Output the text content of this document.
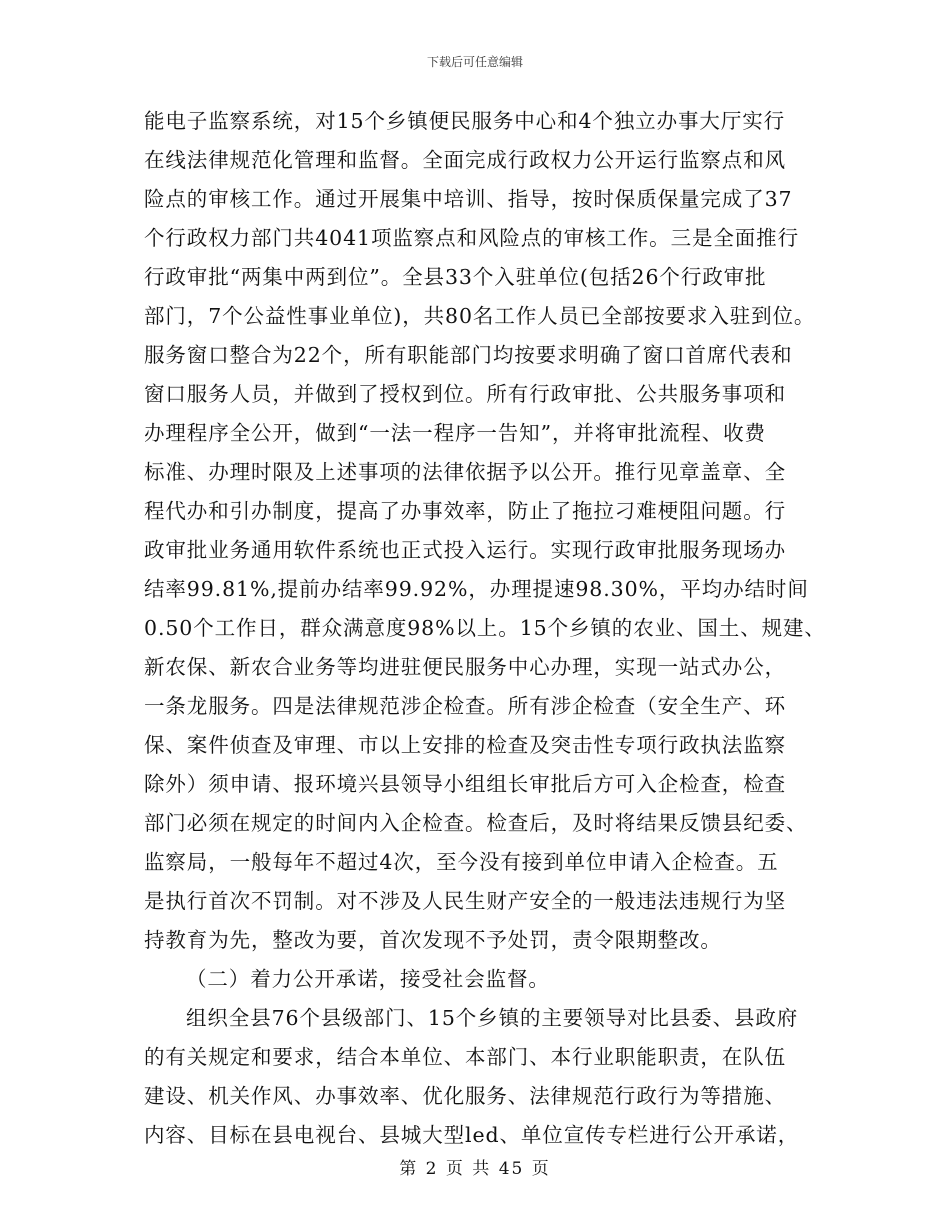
下载后可任意编辑
能电子监察系统，对15个乡镇便民服务中心和4个独立办事大厅实行
在线法律规范化管理和监督。全面完成行政权力公开运行监察点和风
险点的审核工作。通过开展集中培训、指导，按时保质保量完成了37
个行政权力部门共4041项监察点和风险点的审核工作。三是全面推行
行政审批“两集中两到位”。全县33个入驻单位(包括26个行政审批
部门，7个公益性事业单位)，共80名工作人员已全部按要求入驻到位。
服务窗口整合为22个，所有职能部门均按要求明确了窗口首席代表和
窗口服务人员，并做到了授权到位。所有行政审批、公共服务事项和
办理程序全公开，做到“一法一程序一告知”，并将审批流程、收费
标准、办理时限及上述事项的法律依据予以公开。推行见章盖章、全
程代办和引办制度，提高了办事效率，防止了拖拉刁难梗阻问题。行
政审批业务通用软件系统也正式投入运行。实现行政审批服务现场办
结率99.81%,提前办结率99.92%，办理提速98.30%，平均办结时间
0.50个工作日，群众满意度98%以上。15个乡镇的农业、国土、规建、
新农保、新农合业务等均进驻便民服务中心办理，实现一站式办公，
一条龙服务。四是法律规范涉企检查。所有涉企检查（安全生产、环
保、案件侦查及审理、市以上安排的检查及突击性专项行政执法监察
除外）须申请、报环境兴县领导小组组长审批后方可入企检查，检查
部门必须在规定的时间内入企检查。检查后，及时将结果反馈县纪委、
监察局，一般每年不超过4次，至今没有接到单位申请入企检查。五
是执行首次不罚制。对不涉及人民生财产安全的一般违法违规行为坚
持教育为先，整改为要，首次发现不予处罚，责令限期整改。
（二）着力公开承诺，接受社会监督。
组织全县76个县级部门、15个乡镇的主要领导对比县委、县政府
的有关规定和要求，结合本单位、本部门、本行业职能职责，在队伍
建设、机关作风、办事效率、优化服务、法律规范行政行为等措施、
内容、目标在县电视台、县城大型led、单位宣传专栏进行公开承诺，
第 2 页 共 45 页
